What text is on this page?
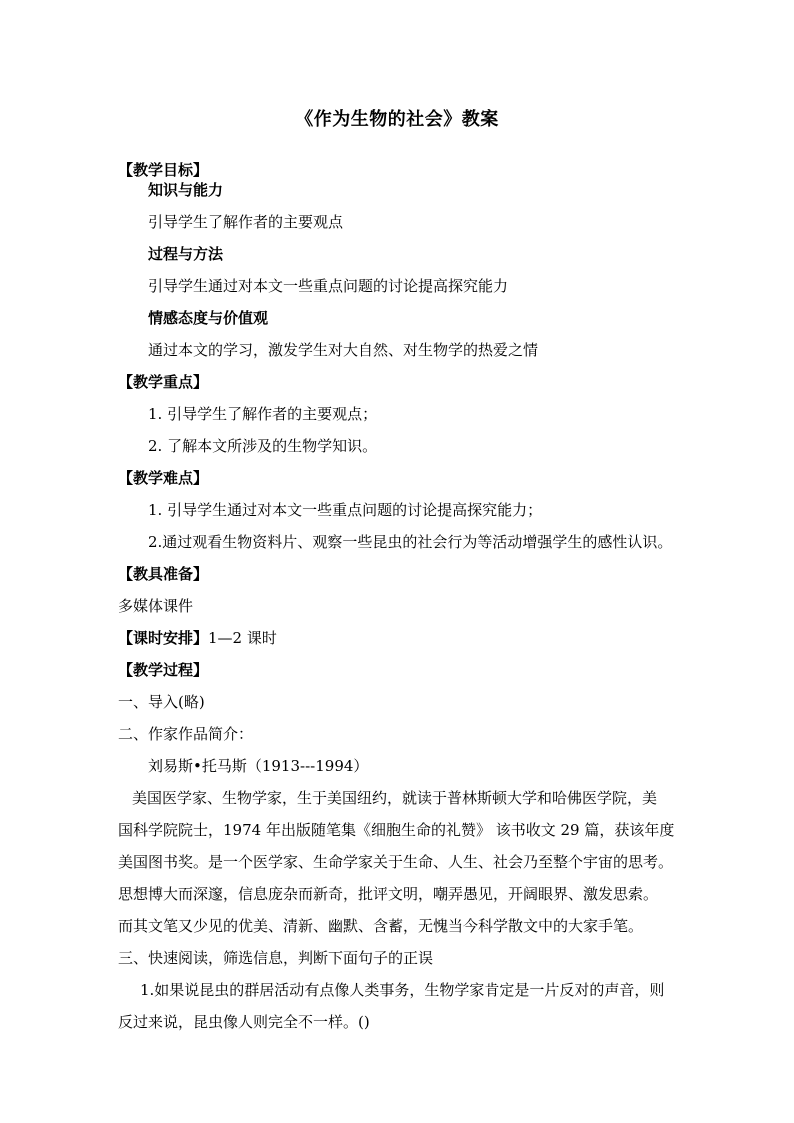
《作为生物的社会》教案
【教学目标】
知识与能力
引导学生了解作者的主要观点
过程与方法
引导学生通过对本文一些重点问题的讨论提高探究能力
情感态度与价值观
通过本文的学习，激发学生对大自然、对生物学的热爱之情
【教学重点】
1. 引导学生了解作者的主要观点；
2. 了解本文所涉及的生物学知识。
【教学难点】
1. 引导学生通过对本文一些重点问题的讨论提高探究能力；
2.通过观看生物资料片、观察一些昆虫的社会行为等活动增强学生的感性认识。
【教具准备】
多媒体课件
【课时安排】1—2 课时
【教学过程】
一、导入(略)
二、作家作品简介：
刘易斯•托马斯（1913---1994）
美国医学家、生物学家，生于美国纽约，就读于普林斯顿大学和哈佛医学院，美
国科学院院士，1974 年出版随笔集《细胞生命的礼赞》 该书收文 29 篇，获该年度
美国图书奖。是一个医学家、生命学家关于生命、人生、社会乃至整个宇宙的思考。
思想博大而深邃，信息庞杂而新奇，批评文明，嘲弄愚见，开阔眼界、激发思索。
而其文笔又少见的优美、清新、幽默、含蓄，无愧当今科学散文中的大家手笔。
三、快速阅读，筛选信息，判断下面句子的正误
1.如果说昆虫的群居活动有点像人类事务，生物学家肯定是一片反对的声音，则
反过来说，昆虫像人则完全不一样。()
